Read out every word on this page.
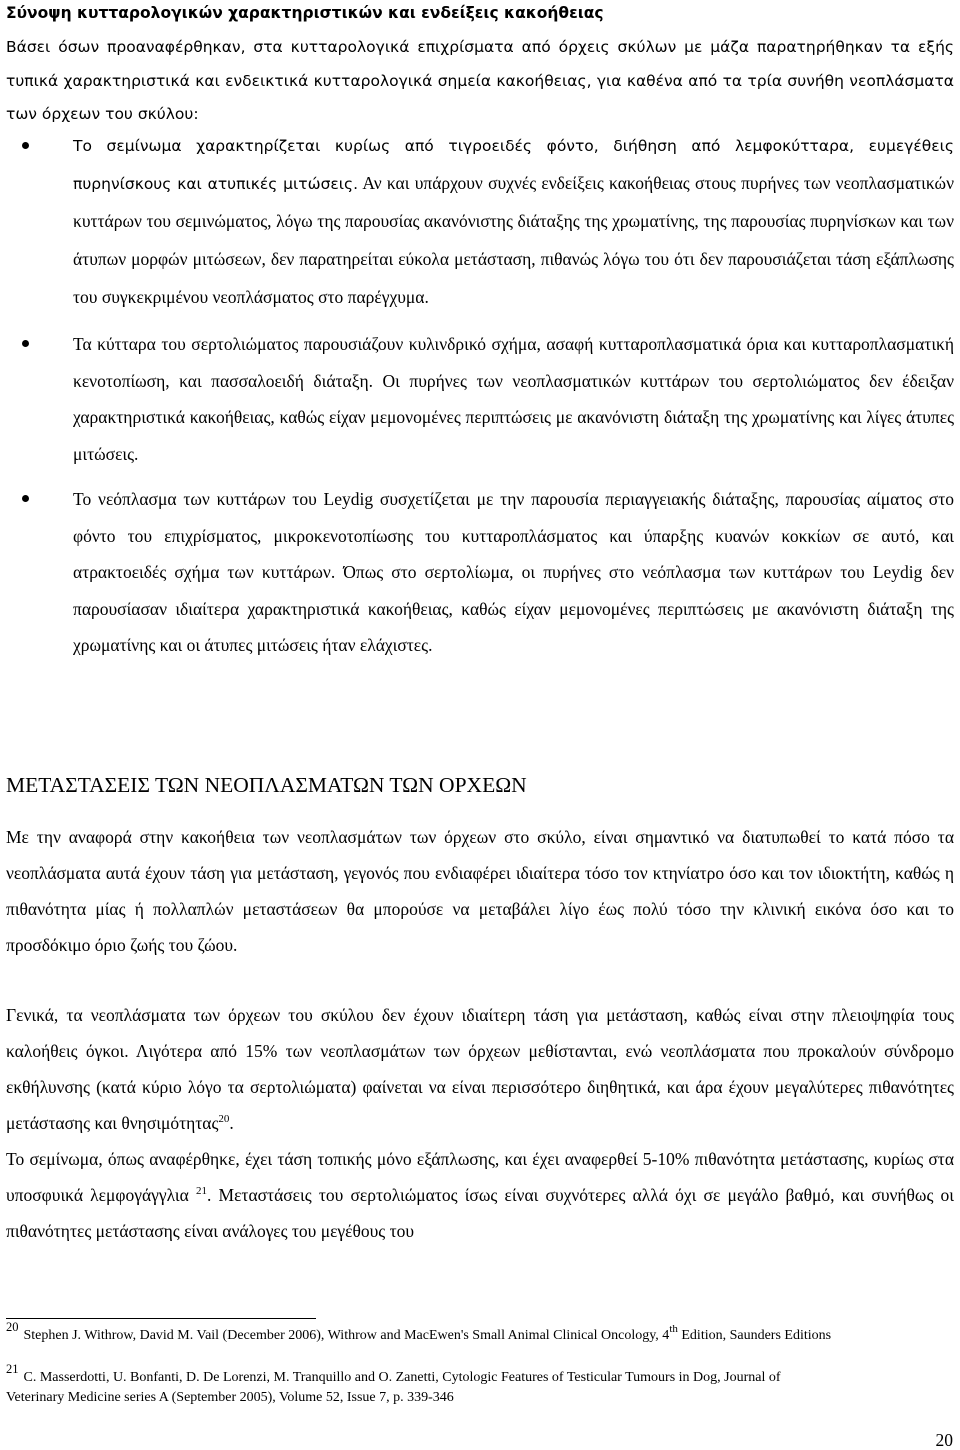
Σύνοψη κυτταρολογικών χαρακτηριστικών και ενδείξεις κακοήθειας

Βάσει όσων προαναφέρθηκαν, στα κυτταρολογικά επιχρίσματα από όρχεις σκύλων με μάζα παρατηρήθηκαν τα εξής τυπικά χαρακτηριστικά και ενδεικτικά κυτταρολογικά σημεία κακοήθειας, για καθένα από τα τρία συνήθη νεοπλάσματα των όρχεων του σκύλου:

Το σεμίνωμα χαρακτηρίζεται κυρίως από τιγροειδές φόντο, διήθηση από λεμφοκύτταρα, ευμεγέθεις πυρηνίσκους και ατυπικές μιτώσεις. Αν και υπάρχουν συχνές ενδείξεις κακοήθειας στους πυρήνες των νεοπλασματικών κυττάρων του σεμινώματος, λόγω της παρουσίας ακανόνιστης διάταξης της χρωματίνης, της παρουσίας πυρηνίσκων και των άτυπων μορφών μιτώσεων, δεν παρατηρείται εύκολα μετάσταση, πιθανώς λόγω του ότι δεν παρουσιάζεται τάση εξάπλωσης του συγκεκριμένου νεοπλάσματος στο παρέγχυμα.
Τα κύτταρα του σερτολιώματος παρουσιάζουν κυλινδρικό σχήμα, ασαφή κυτταροπλασματικά όρια και κυτταροπλασματική κενοτοπίωση, και πασσαλοειδή διάταξη. Οι πυρήνες των νεοπλασματικών κυττάρων του σερτολιώματος δεν έδειξαν χαρακτηριστικά κακοήθειας, καθώς είχαν μεμονομένες περιπτώσεις με ακανόνιστη διάταξη της χρωματίνης και λίγες άτυπες μιτώσεις.
Το νεόπλασμα των κυττάρων του Leydig συσχετίζεται με την παρουσία περιαγγειακής διάταξης, παρουσίας αίματος στο φόντο του επιχρίσματος, μικροκενοτοπίωσης του κυτταροπλάσματος και ύπαρξης κυανών κοκκίων σε αυτό, και ατρακτοειδές σχήμα των κυττάρων. Όπως στο σερτολίωμα, οι πυρήνες στο νεόπλασμα των κυττάρων του Leydig δεν παρουσίασαν ιδιαίτερα χαρακτηριστικά κακοήθειας, καθώς είχαν μεμονομένες περιπτώσεις με ακανόνιστη διάταξη της χρωματίνης και οι άτυπες μιτώσεις ήταν ελάχιστες.
ΜΕΤΑΣΤΑΣΕΙΣ ΤΩΝ ΝΕΟΠΛΑΣΜΑΤΩΝ ΤΩΝ ΟΡΧΕΩΝ

Με την αναφορά στην κακοήθεια των νεοπλασμάτων των όρχεων στο σκύλο, είναι σημαντικό να διατυπωθεί το κατά πόσο τα νεοπλάσματα αυτά έχουν τάση για μετάσταση, γεγονός που ενδιαφέρει ιδιαίτερα τόσο τον κτηνίατρο όσο και τον ιδιοκτήτη, καθώς η πιθανότητα μίας ή πολλαπλών μεταστάσεων θα μπορούσε να μεταβάλει λίγο έως πολύ τόσο την κλινική εικόνα όσο και το προσδόκιμο όριο ζωής του ζώου.

Γενικά, τα νεοπλάσματα των όρχεων του σκύλου δεν έχουν ιδιαίτερη τάση για μετάσταση, καθώς είναι στην πλειοψηφία τους καλοήθεις όγκοι. Λιγότερα από 15% των νεοπλασμάτων των όρχεων μεθίστανται, ενώ νεοπλάσματα που προκαλούν σύνδρομο εκθήλυνσης (κατά κύριο λόγο τα σερτολιώματα) φαίνεται να είναι περισσότερο διηθητικά, και άρα έχουν μεγαλύτερες πιθανότητες μετάστασης και θνησιμότητας$^{20}$.

Το σεμίνωμα, όπως αναφέρθηκε, έχει τάση τοπικής μόνο εξάπλωσης, και έχει αναφερθεί 5-10% πιθανότητα μετάστασης, κυρίως στα υποσφυικά λεμφογάγγλια $^{21}$. Μεταστάσεις του σερτολιώματος ίσως είναι συχνότερες αλλά όχι σε μεγάλο βαθμό, και συνήθως οι πιθανότητες μετάστασης είναι ανάλογες του μεγέθους του

20Stephen J. Withrow, David M. Vail (December 2006), Withrow and MacEwen's Small Animal Clinical Oncology, 4th Edition, Saunders Editions

21C. Masserdotti, U. Bonfanti, D. De Lorenzi, M. Tranquillo and O. Zanetti, Cytologic Features of Testicular Tumours in Dog, Journal of
Veterinary Medicine series A (September 2005), Volume 52, Issue 7, p. 339-346

20
